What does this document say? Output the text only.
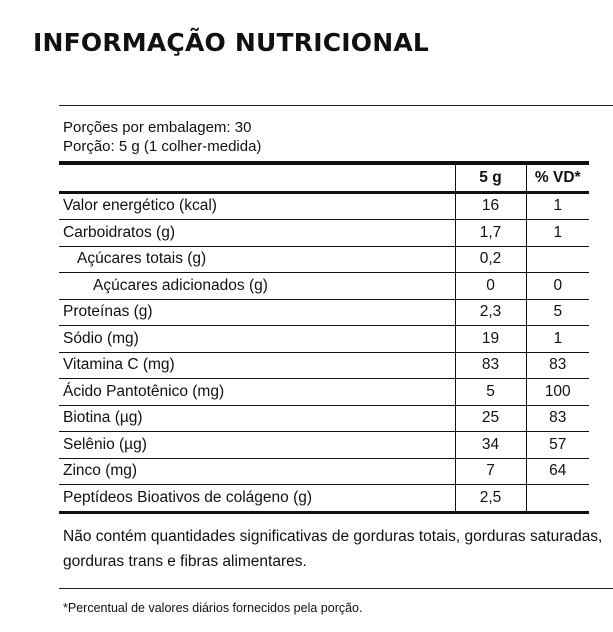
INFORMAÇÃO NUTRICIONAL
Porções por embalagem: 30
Porção: 5 g (1 colher-medida)
	5 g	% VD*
Valor energético (kcal)	16	1
Carboidratos (g)	1,7	1
Açúcares totais (g)	0,2	
Açúcares adicionados (g)	0	0
Proteínas (g)	2,3	5
Sódio (mg)	19	1
Vitamina C (mg)	83	83
Ácido Pantotênico (mg)	5	100
Biotina (µg)	25	83
Selênio (µg)	34	57
Zinco (mg)	7	64
Peptídeos Bioativos de colágeno (g)	2,5	
Não contém quantidades significativas de gorduras totais, gorduras saturadas, gorduras trans e fibras alimentares.
*Percentual de valores diários fornecidos pela porção.
